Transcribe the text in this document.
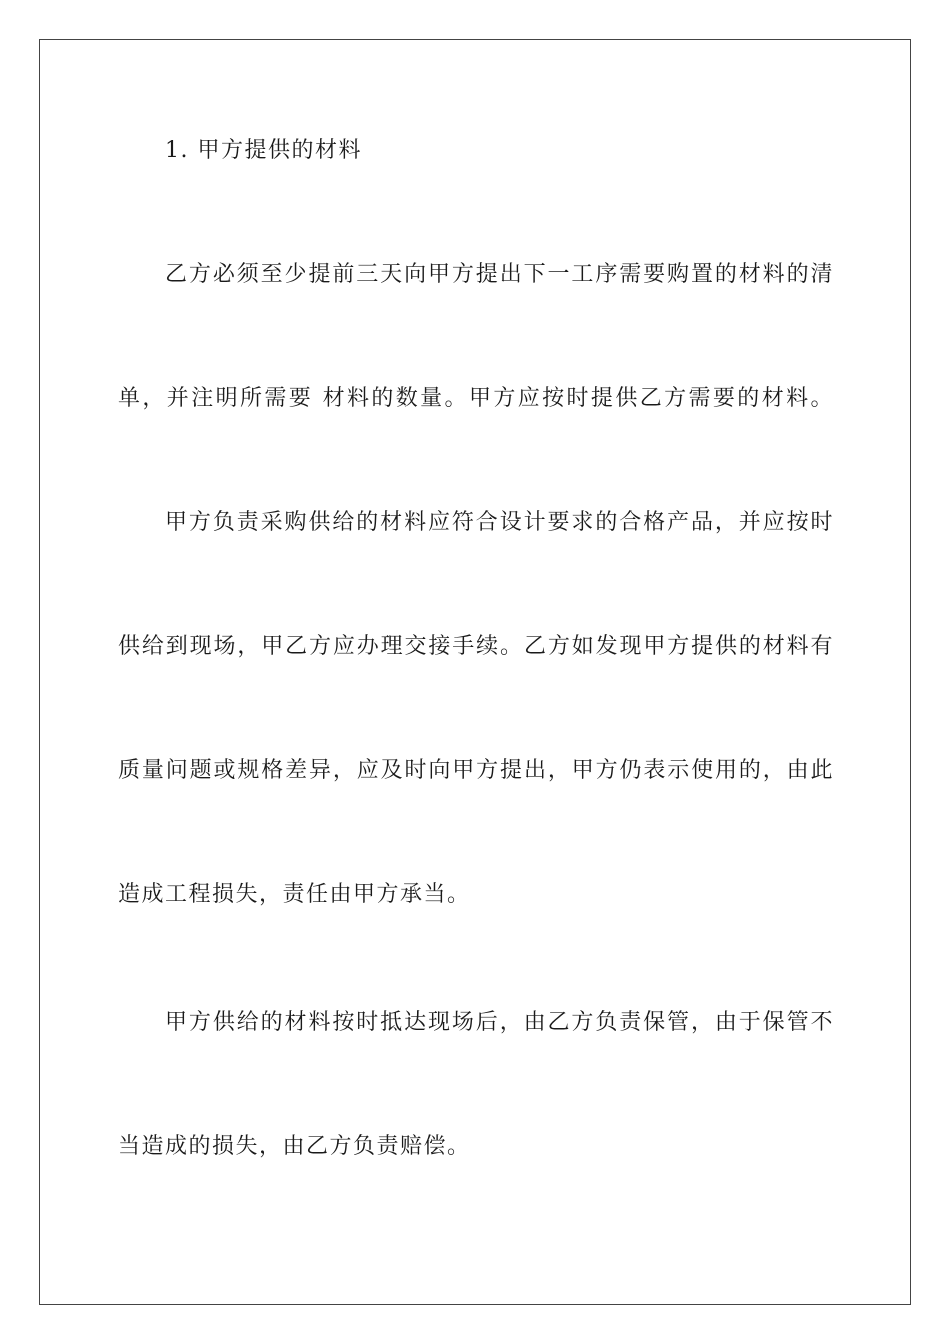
1. 甲方提供的材料
乙方必须至少提前三天向甲方提出下一工序需要购置的材料的清
单，并注明所需要 材料的数量。甲方应按时提供乙方需要的材料。
甲方负责采购供给的材料应符合设计要求的合格产品，并应按时
供给到现场，甲乙方应办理交接手续。乙方如发现甲方提供的材料有
质量问题或规格差异，应及时向甲方提出，甲方仍表示使用的，由此
造成工程损失，责任由甲方承当。
甲方供给的材料按时抵达现场后，由乙方负责保管，由于保管不
当造成的损失，由乙方负责赔偿。
